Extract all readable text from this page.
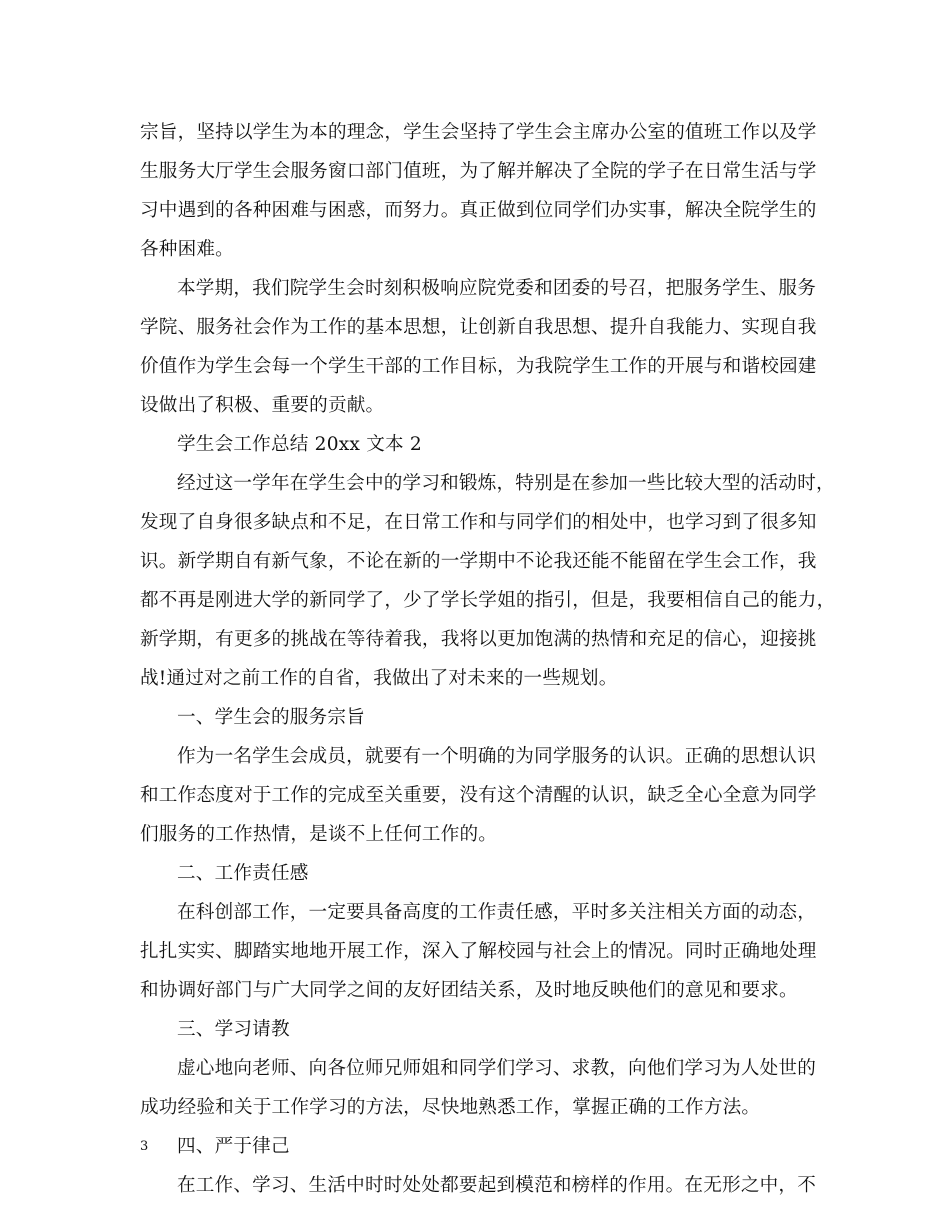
宗旨，坚持以学生为本的理念，学生会坚持了学生会主席办公室的值班工作以及学
生服务大厅学生会服务窗口部门值班，为了解并解决了全院的学子在日常生活与学
习中遇到的各种困难与困惑，而努力。真正做到位同学们办实事，解决全院学生的
各种困难。
本学期，我们院学生会时刻积极响应院党委和团委的号召，把服务学生、服务
学院、服务社会作为工作的基本思想，让创新自我思想、提升自我能力、实现自我
价值作为学生会每一个学生干部的工作目标，为我院学生工作的开展与和谐校园建
设做出了积极、重要的贡献。
学生会工作总结 20xx 文本 2
经过这一学年在学生会中的学习和锻炼，特别是在参加一些比较大型的活动时，
发现了自身很多缺点和不足，在日常工作和与同学们的相处中，也学习到了很多知
识。新学期自有新气象，不论在新的一学期中不论我还能不能留在学生会工作，我
都不再是刚进大学的新同学了，少了学长学姐的指引，但是，我要相信自己的能力，
新学期，有更多的挑战在等待着我，我将以更加饱满的热情和充足的信心，迎接挑
战!通过对之前工作的自省，我做出了对未来的一些规划。
一、学生会的服务宗旨
作为一名学生会成员，就要有一个明确的为同学服务的认识。正确的思想认识
和工作态度对于工作的完成至关重要，没有这个清醒的认识，缺乏全心全意为同学
们服务的工作热情，是谈不上任何工作的。
二、工作责任感
在科创部工作，一定要具备高度的工作责任感，平时多关注相关方面的动态，
扎扎实实、脚踏实地地开展工作，深入了解校园与社会上的情况。同时正确地处理
和协调好部门与广大同学之间的友好团结关系，及时地反映他们的意见和要求。
三、学习请教
虚心地向老师、向各位师兄师姐和同学们学习、求教，向他们学习为人处世的
成功经验和关于工作学习的方法，尽快地熟悉工作，掌握正确的工作方法。
四、严于律己
在工作、学习、生活中时时处处都要起到模范和榜样的作用。在无形之中，不
3
